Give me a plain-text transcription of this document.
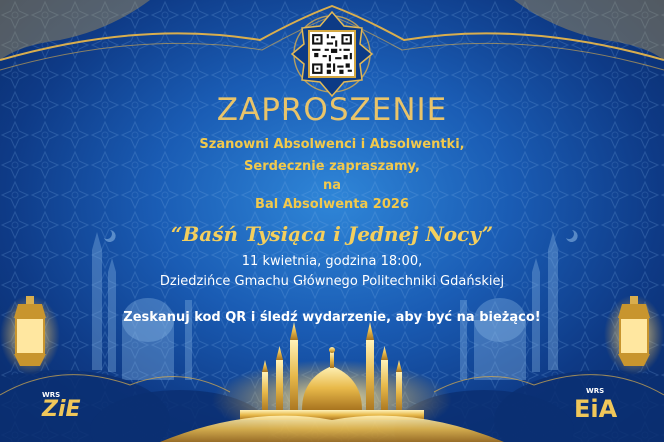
ZAPROSZENIE
Szanowni Absolwenci i Absolwentki,
Serdecznie zapraszamy,
na
Bal Absolwenta 2026
“Baśń Tysiąca i Jednej Nocy”
11 kwietnia, godzina 18:00,
Dziedzińce Gmachu Głównego Politechniki Gdańskiej
Zeskanuj kod QR i śledź wydarzenie, aby być na bieżąco!
WRS
ZiE
WRS
EiA
